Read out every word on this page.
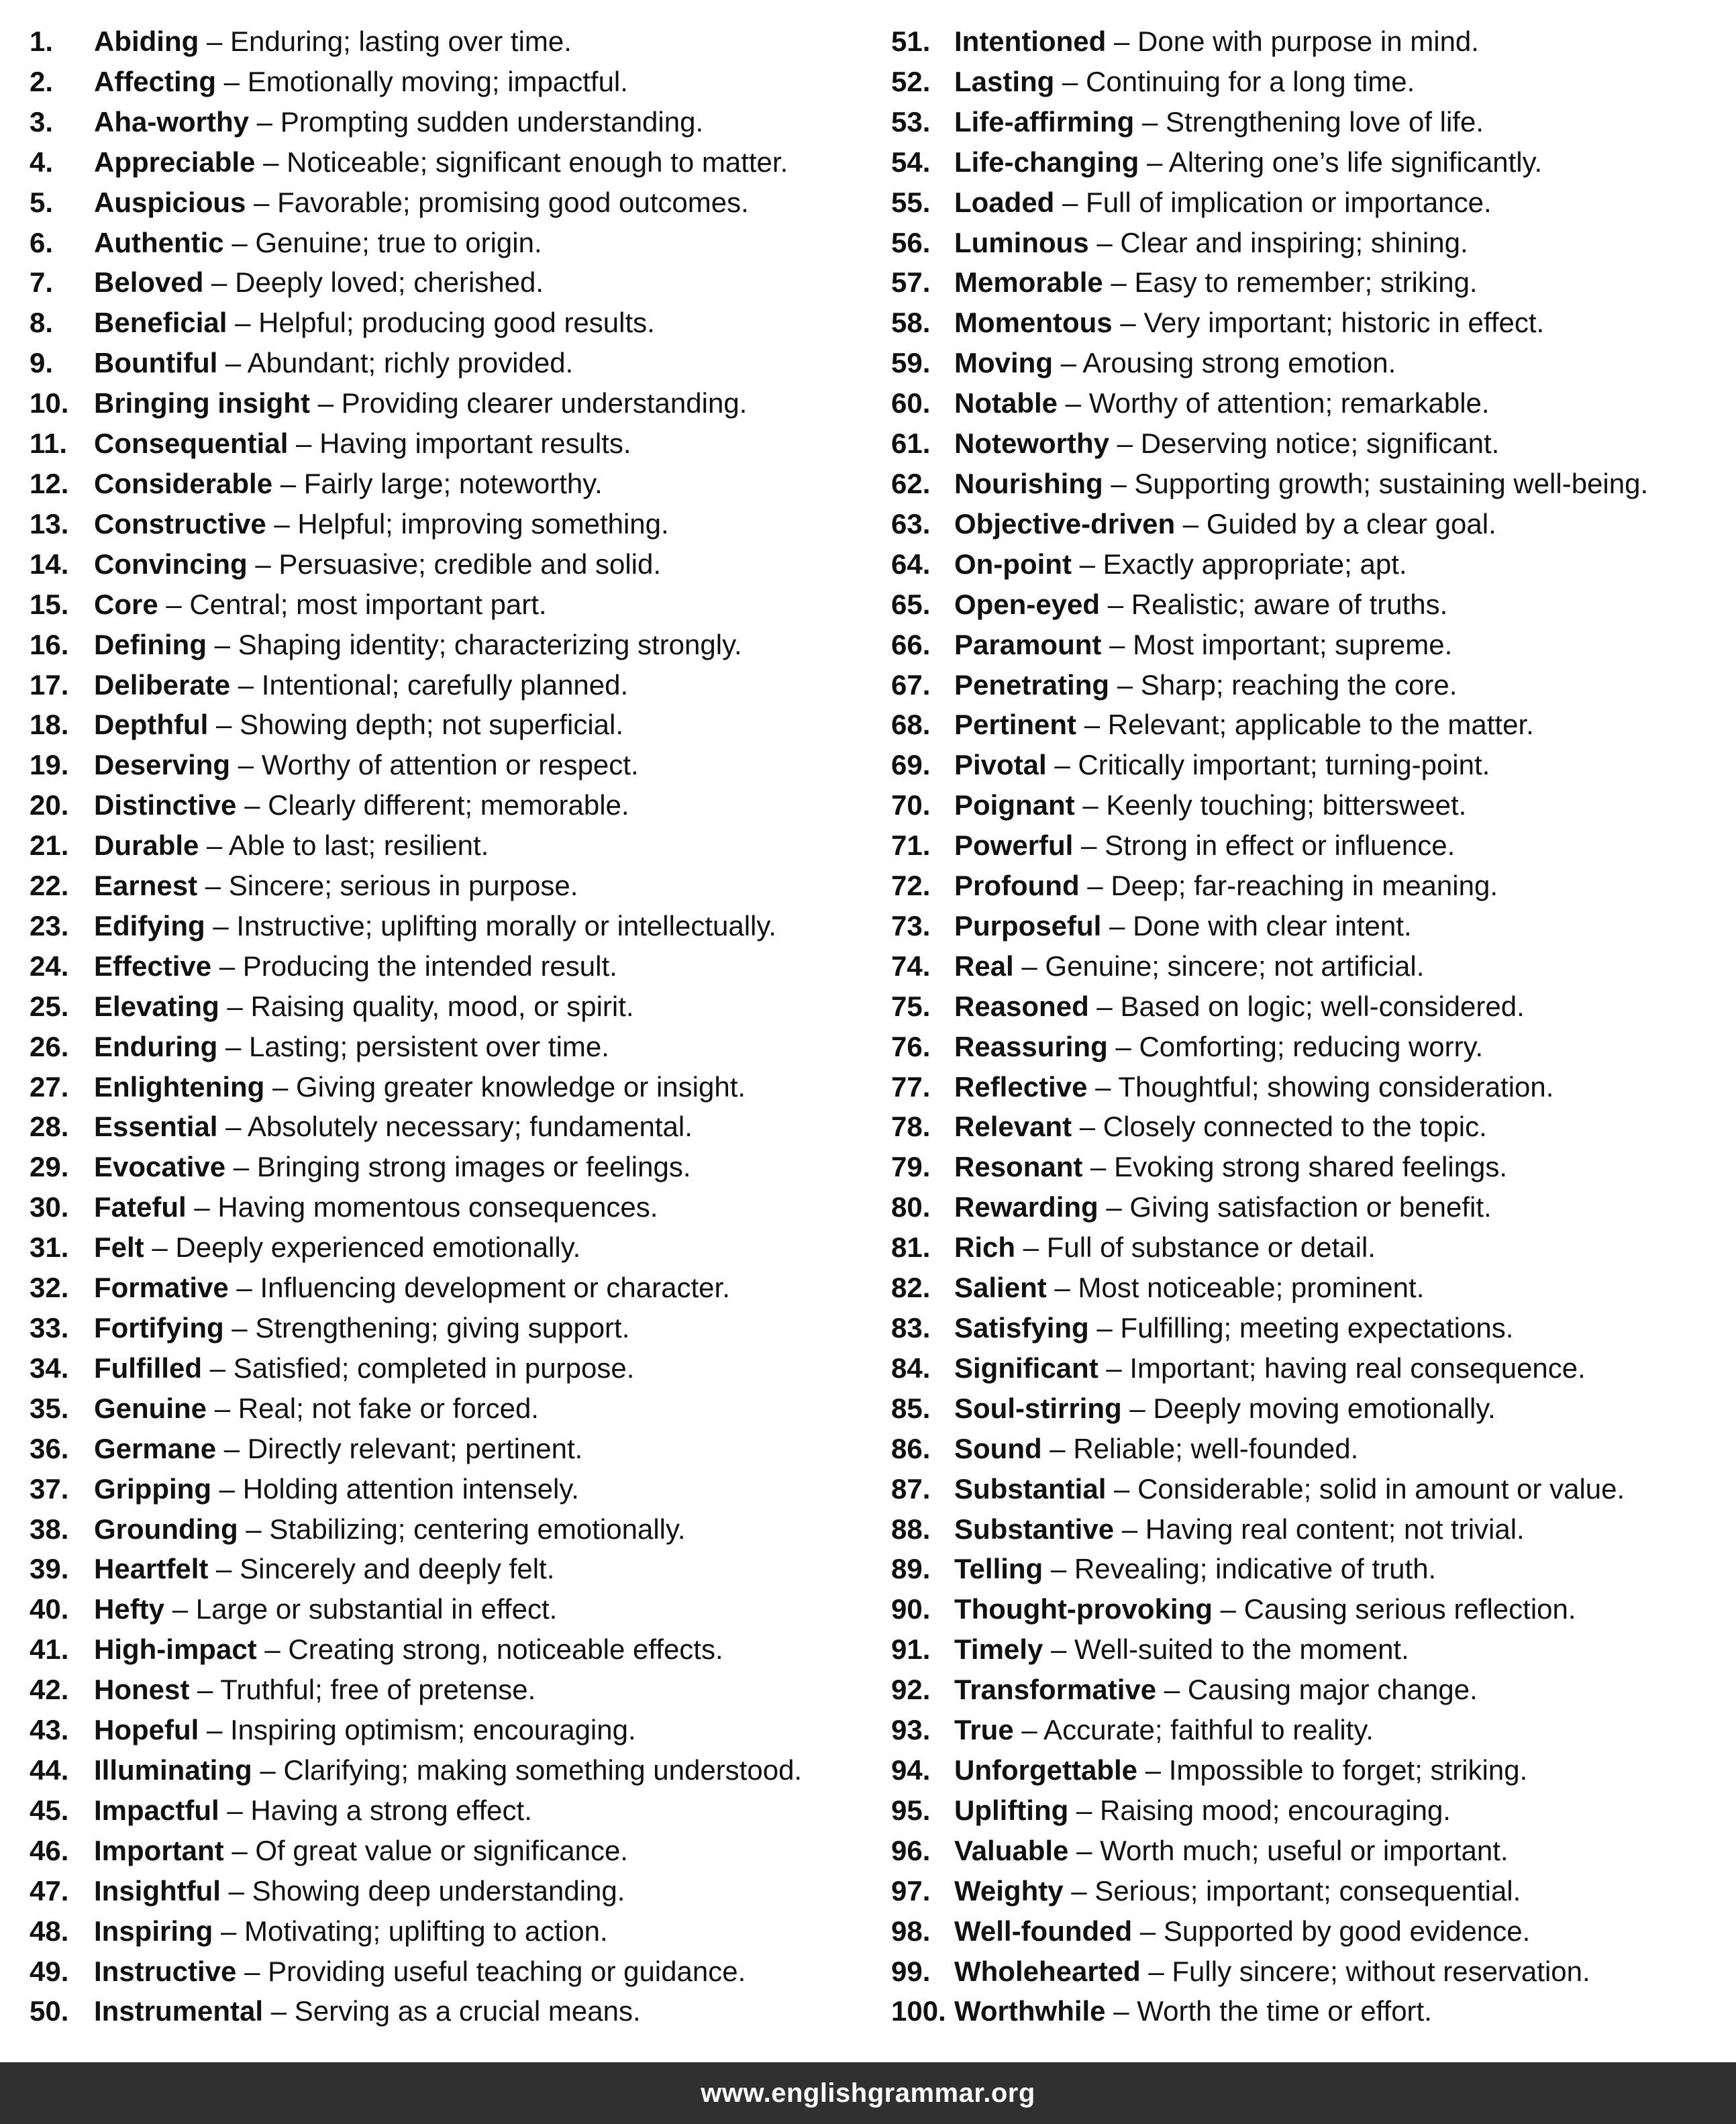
1. Abiding – Enduring; lasting over time.
2. Affecting – Emotionally moving; impactful.
3. Aha-worthy – Prompting sudden understanding.
4. Appreciable – Noticeable; significant enough to matter.
5. Auspicious – Favorable; promising good outcomes.
6. Authentic – Genuine; true to origin.
7. Beloved – Deeply loved; cherished.
8. Beneficial – Helpful; producing good results.
9. Bountiful – Abundant; richly provided.
10. Bringing insight – Providing clearer understanding.
11. Consequential – Having important results.
12. Considerable – Fairly large; noteworthy.
13. Constructive – Helpful; improving something.
14. Convincing – Persuasive; credible and solid.
15. Core – Central; most important part.
16. Defining – Shaping identity; characterizing strongly.
17. Deliberate – Intentional; carefully planned.
18. Depthful – Showing depth; not superficial.
19. Deserving – Worthy of attention or respect.
20. Distinctive – Clearly different; memorable.
21. Durable – Able to last; resilient.
22. Earnest – Sincere; serious in purpose.
23. Edifying – Instructive; uplifting morally or intellectually.
24. Effective – Producing the intended result.
25. Elevating – Raising quality, mood, or spirit.
26. Enduring – Lasting; persistent over time.
27. Enlightening – Giving greater knowledge or insight.
28. Essential – Absolutely necessary; fundamental.
29. Evocative – Bringing strong images or feelings.
30. Fateful – Having momentous consequences.
31. Felt – Deeply experienced emotionally.
32. Formative – Influencing development or character.
33. Fortifying – Strengthening; giving support.
34. Fulfilled – Satisfied; completed in purpose.
35. Genuine – Real; not fake or forced.
36. Germane – Directly relevant; pertinent.
37. Gripping – Holding attention intensely.
38. Grounding – Stabilizing; centering emotionally.
39. Heartfelt – Sincerely and deeply felt.
40. Hefty – Large or substantial in effect.
41. High-impact – Creating strong, noticeable effects.
42. Honest – Truthful; free of pretense.
43. Hopeful – Inspiring optimism; encouraging.
44. Illuminating – Clarifying; making something understood.
45. Impactful – Having a strong effect.
46. Important – Of great value or significance.
47. Insightful – Showing deep understanding.
48. Inspiring – Motivating; uplifting to action.
49. Instructive – Providing useful teaching or guidance.
50. Instrumental – Serving as a crucial means.
51. Intentioned – Done with purpose in mind.
52. Lasting – Continuing for a long time.
53. Life-affirming – Strengthening love of life.
54. Life-changing – Altering one’s life significantly.
55. Loaded – Full of implication or importance.
56. Luminous – Clear and inspiring; shining.
57. Memorable – Easy to remember; striking.
58. Momentous – Very important; historic in effect.
59. Moving – Arousing strong emotion.
60. Notable – Worthy of attention; remarkable.
61. Noteworthy – Deserving notice; significant.
62. Nourishing – Supporting growth; sustaining well-being.
63. Objective-driven – Guided by a clear goal.
64. On-point – Exactly appropriate; apt.
65. Open-eyed – Realistic; aware of truths.
66. Paramount – Most important; supreme.
67. Penetrating – Sharp; reaching the core.
68. Pertinent – Relevant; applicable to the matter.
69. Pivotal – Critically important; turning-point.
70. Poignant – Keenly touching; bittersweet.
71. Powerful – Strong in effect or influence.
72. Profound – Deep; far-reaching in meaning.
73. Purposeful – Done with clear intent.
74. Real – Genuine; sincere; not artificial.
75. Reasoned – Based on logic; well-considered.
76. Reassuring – Comforting; reducing worry.
77. Reflective – Thoughtful; showing consideration.
78. Relevant – Closely connected to the topic.
79. Resonant – Evoking strong shared feelings.
80. Rewarding – Giving satisfaction or benefit.
81. Rich – Full of substance or detail.
82. Salient – Most noticeable; prominent.
83. Satisfying – Fulfilling; meeting expectations.
84. Significant – Important; having real consequence.
85. Soul-stirring – Deeply moving emotionally.
86. Sound – Reliable; well-founded.
87. Substantial – Considerable; solid in amount or value.
88. Substantive – Having real content; not trivial.
89. Telling – Revealing; indicative of truth.
90. Thought-provoking – Causing serious reflection.
91. Timely – Well-suited to the moment.
92. Transformative – Causing major change.
93. True – Accurate; faithful to reality.
94. Unforgettable – Impossible to forget; striking.
95. Uplifting – Raising mood; encouraging.
96. Valuable – Worth much; useful or important.
97. Weighty – Serious; important; consequential.
98. Well-founded – Supported by good evidence.
99. Wholehearted – Fully sincere; without reservation.
100. Worthwhile – Worth the time or effort.
www.englishgrammar.org
